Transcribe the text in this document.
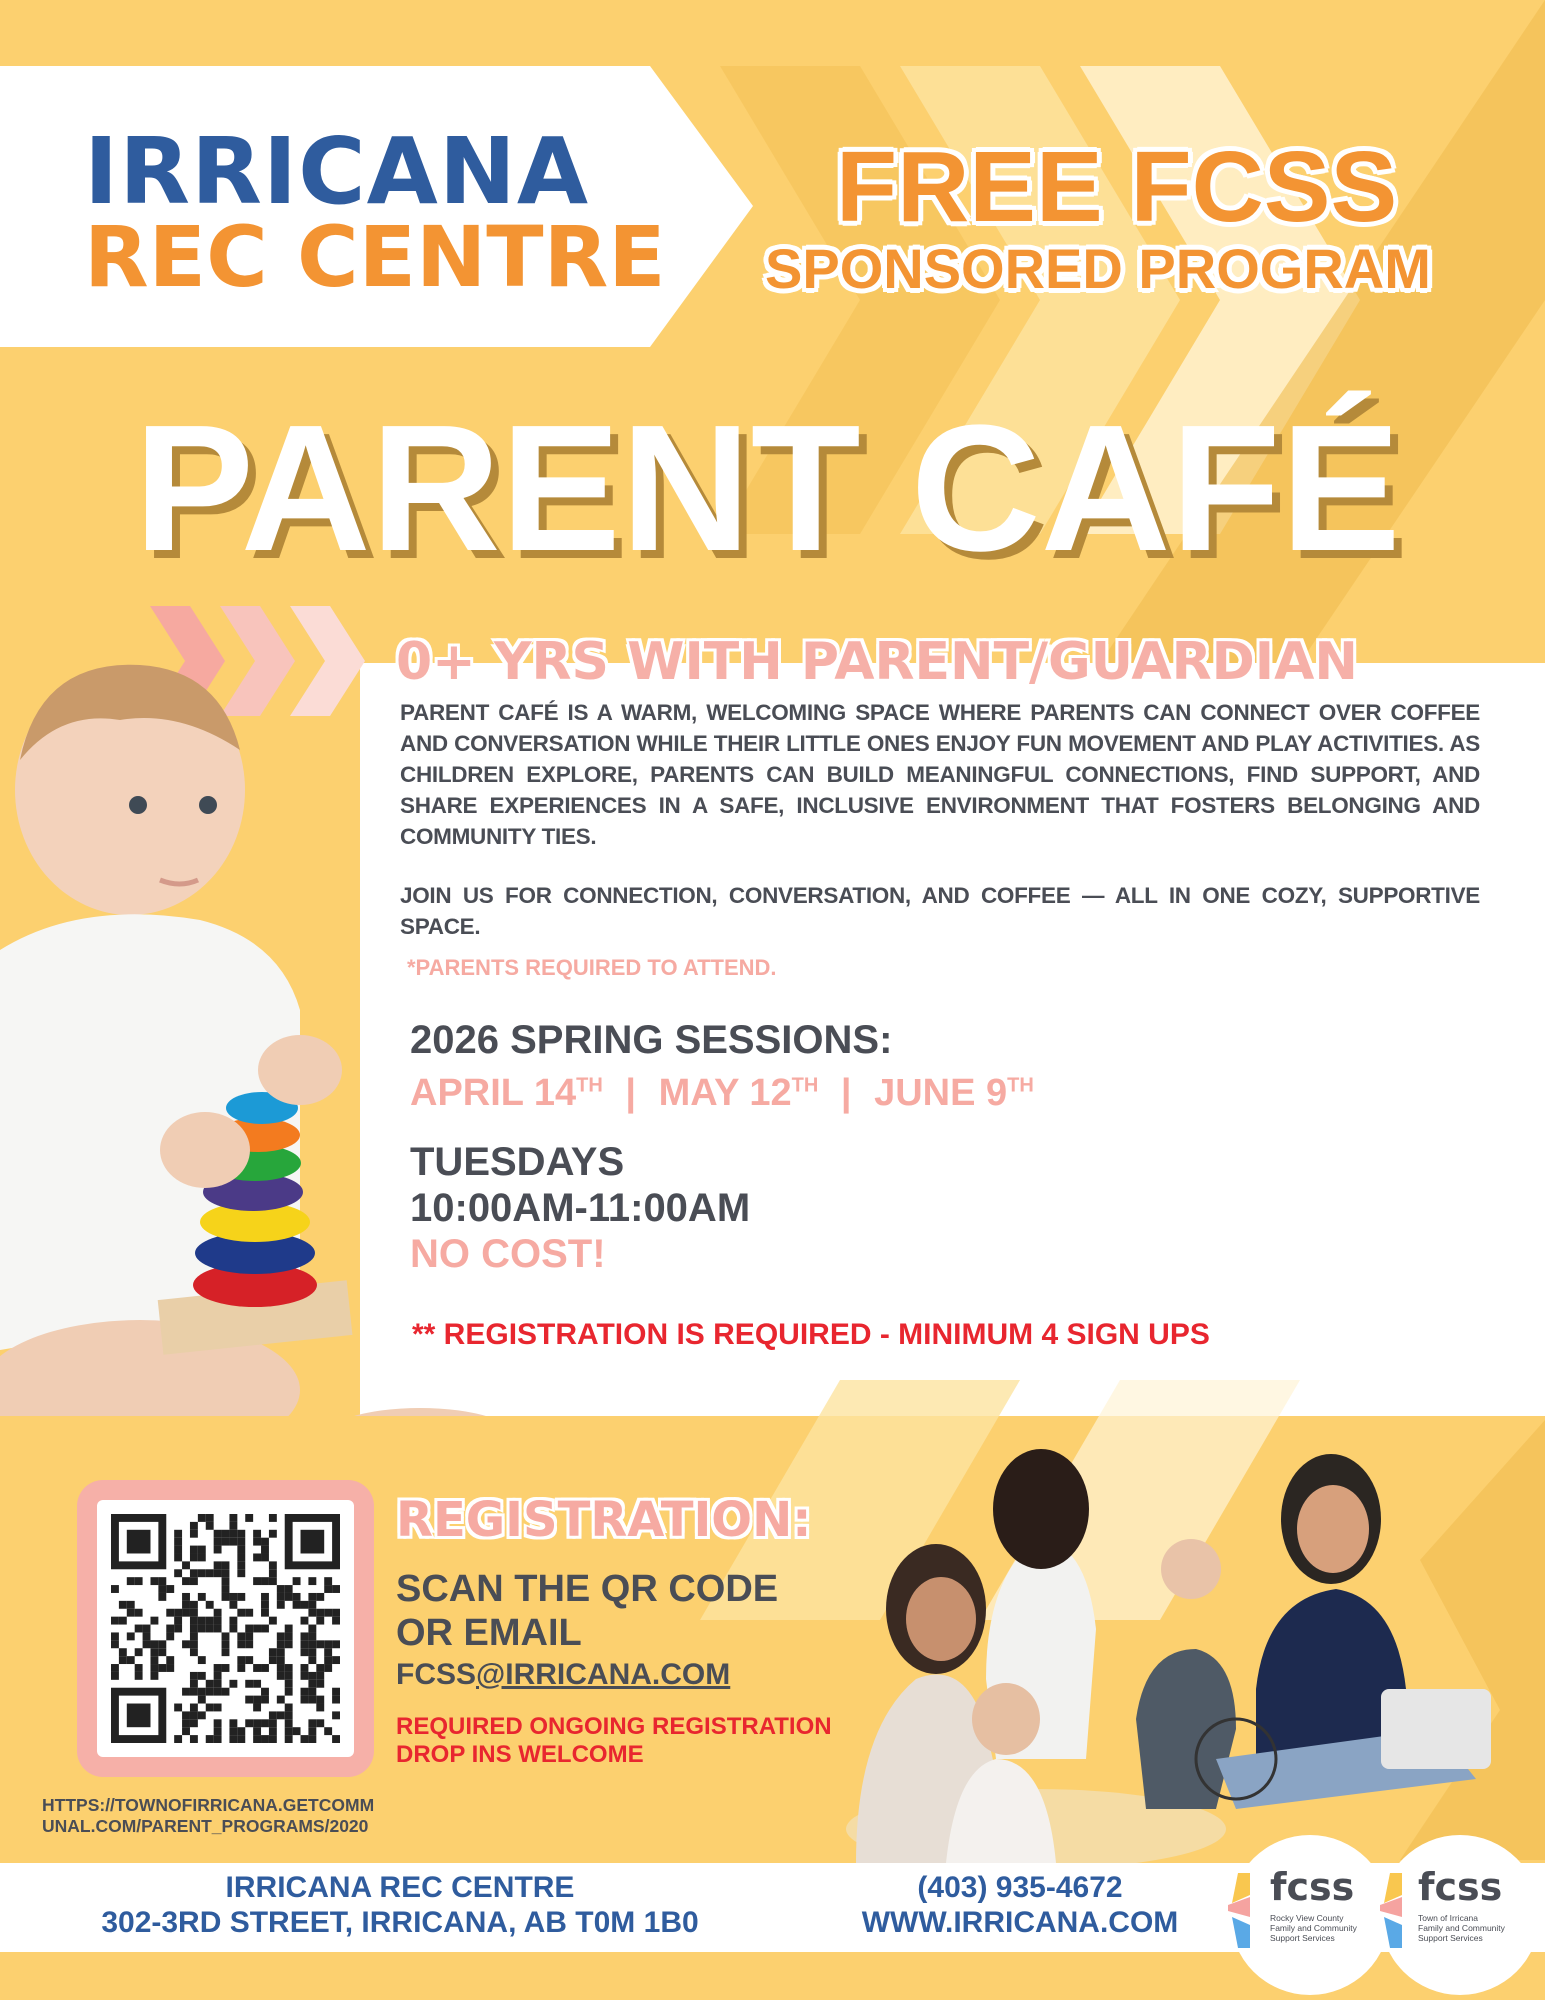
IRRICANA
REC CENTRE
FREE FCSS
SPONSORED PROGRAM
PARENT CAFÉ
0+ YRS WITH PARENT/GUARDIAN
PARENT CAFÉ IS A WARM, WELCOMING SPACE WHERE PARENTS CAN CONNECT OVER COFFEE AND CONVERSATION WHILE THEIR LITTLE ONES ENJOY FUN MOVEMENT AND PLAY ACTIVITIES. AS CHILDREN EXPLORE, PARENTS CAN BUILD MEANINGFUL CONNECTIONS, FIND SUPPORT, AND SHARE EXPERIENCES IN A SAFE, INCLUSIVE ENVIRONMENT THAT FOSTERS BELONGING AND COMMUNITY TIES.
JOIN US FOR CONNECTION, CONVERSATION, AND COFFEE — ALL IN ONE COZY, SUPPORTIVE SPACE.
*PARENTS REQUIRED TO ATTEND.
2026 SPRING SESSIONS:
APRIL 14TH | MAY 12TH | JUNE 9TH
TUESDAYS
10:00AM-11:00AM
NO COST!
** REGISTRATION IS REQUIRED - MINIMUM 4 SIGN UPS
REGISTRATION:
SCAN THE QR CODE
OR EMAIL
FCSS@IRRICANA.COM
REQUIRED ONGOING REGISTRATION
DROP INS WELCOME
HTTPS://TOWNOFIRRICANA.GETCOMM
UNAL.COM/PARENT_PROGRAMS/2020
IRRICANA REC CENTRE
302-3RD STREET, IRRICANA, AB T0M 1B0
(403) 935-4672
WWW.IRRICANA.COM
fcss
Rocky View County
Family and Community
Support Services
fcss
Town of Irricana
Family and Community
Support Services
